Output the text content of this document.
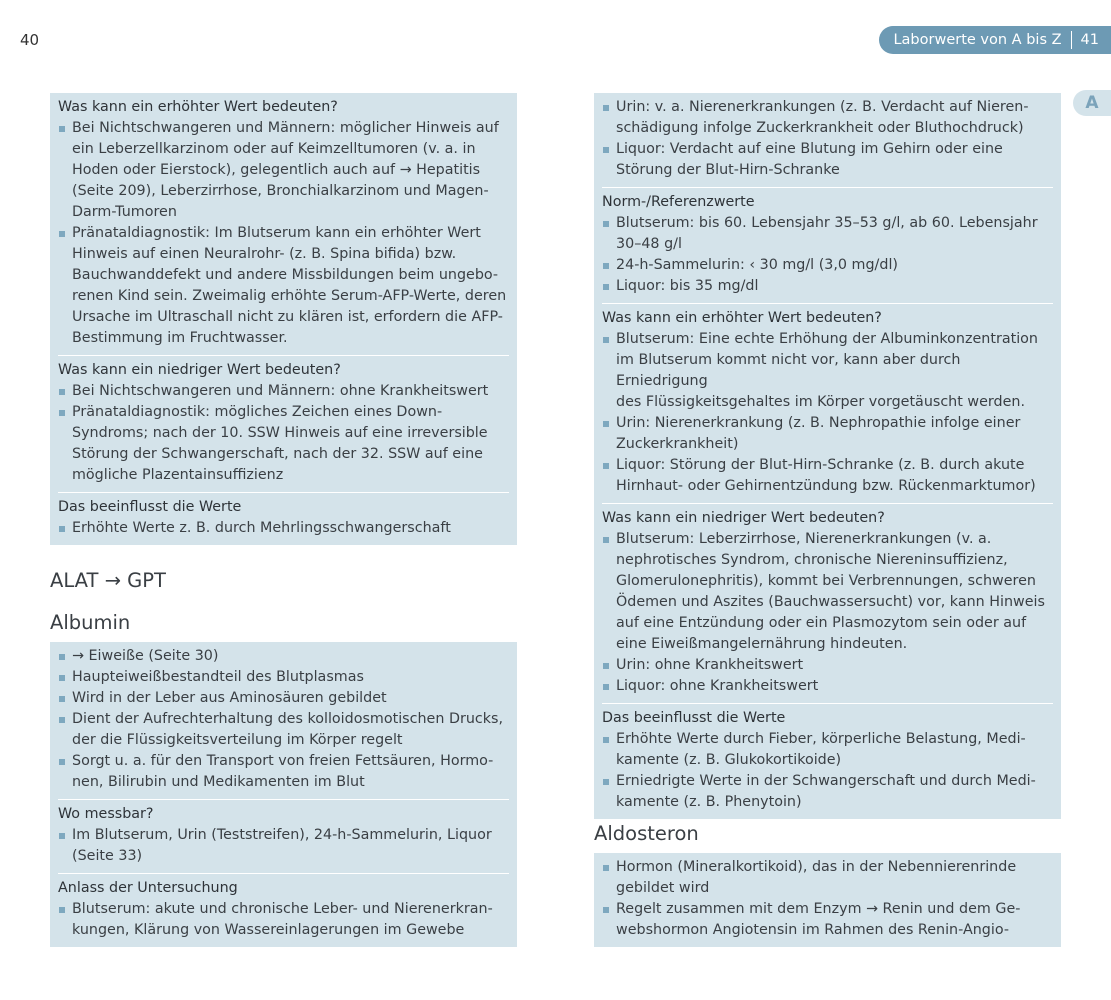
40	Laborwerte von A bis Z 41
A
Was kann ein erhöhter Wert bedeuten?
Bei Nichtschwangeren und Männern: möglicher Hinweis auf
ein Leberzellkarzinom oder auf Keimzelltumoren (v. a. in
Hoden oder Eierstock), gelegentlich auch auf → Hepatitis
(Seite 209), Leberzirrhose, Bronchialkarzinom und Magen-
Darm-Tumoren
Pränataldiagnostik: Im Blutserum kann ein erhöhter Wert
Hinweis auf einen Neuralrohr- (z. B. Spina bifida) bzw.
Bauchwanddefekt und andere Missbildungen beim ungebo-
renen Kind sein. Zweimalig erhöhte Serum-AFP-Werte, deren
Ursache im Ultraschall nicht zu klären ist, erfordern die AFP-
Bestimmung im Fruchtwasser.
Was kann ein niedriger Wert bedeuten?
Bei Nichtschwangeren und Männern: ohne Krankheitswert
Pränataldiagnostik: mögliches Zeichen eines Down-
Syndroms; nach der 10. SSW Hinweis auf eine irreversible
Störung der Schwangerschaft, nach der 32. SSW auf eine
mögliche Plazentainsuffizienz
Das beeinflusst die Werte
Erhöhte Werte z. B. durch Mehrlingsschwangerschaft
ALAT → GPT
Albumin
→ Eiweiße (Seite 30)
Haupteiweißbestandteil des Blutplasmas
Wird in der Leber aus Aminosäuren gebildet
Dient der Aufrechterhaltung des kolloidosmotischen Drucks,
der die Flüssigkeitsverteilung im Körper regelt
Sorgt u. a. für den Transport von freien Fettsäuren, Hormo-
nen, Bilirubin und Medikamenten im Blut
Wo messbar?
Im Blutserum, Urin (Teststreifen), 24-h-Sammelurin, Liquor
(Seite 33)
Anlass der Untersuchung
Blutserum: akute und chronische Leber- und Nierenerkran-
kungen, Klärung von Wassereinlagerungen im Gewebe
Urin: v. a. Nierenerkrankungen (z. B. Verdacht auf Nieren-
schädigung infolge Zuckerkrankheit oder Bluthochdruck)
Liquor: Verdacht auf eine Blutung im Gehirn oder eine
Störung der Blut-Hirn-Schranke
Norm-/Referenzwerte
Blutserum: bis 60. Lebensjahr 35–53 g/l, ab 60. Lebensjahr
30–48 g/l
24-h-Sammelurin: ‹ 30 mg/l (3,0 mg/dl)
Liquor: bis 35 mg/dl
Was kann ein erhöhter Wert bedeuten?
Blutserum: Eine echte Erhöhung der Albuminkonzentration
im Blutserum kommt nicht vor, kann aber durch Erniedrigung
des Flüssigkeitsgehaltes im Körper vorgetäuscht werden.
Urin: Nierenerkrankung (z. B. Nephropathie infolge einer
Zuckerkrankheit)
Liquor: Störung der Blut-Hirn-Schranke (z. B. durch akute
Hirnhaut- oder Gehirnentzündung bzw. Rückenmarktumor)
Was kann ein niedriger Wert bedeuten?
Blutserum: Leberzirrhose, Nierenerkrankungen (v. a.
nephrotisches Syndrom, chronische Niereninsuffizienz,
Glomerulonephritis), kommt bei Verbrennungen, schweren
Ödemen und Aszites (Bauchwassersucht) vor, kann Hinweis
auf eine Entzündung oder ein Plasmozytom sein oder auf
eine Eiweißmangelernährung hindeuten.
Urin: ohne Krankheitswert
Liquor: ohne Krankheitswert
Das beeinflusst die Werte
Erhöhte Werte durch Fieber, körperliche Belastung, Medi-
kamente (z. B. Glukokortikoide)
Erniedrigte Werte in der Schwangerschaft und durch Medi-
kamente (z. B. Phenytoin)
Aldosteron
Hormon (Mineralkortikoid), das in der Nebennierenrinde
gebildet wird
Regelt zusammen mit dem Enzym → Renin und dem Ge-
webshormon Angiotensin im Rahmen des Renin-Angio-
